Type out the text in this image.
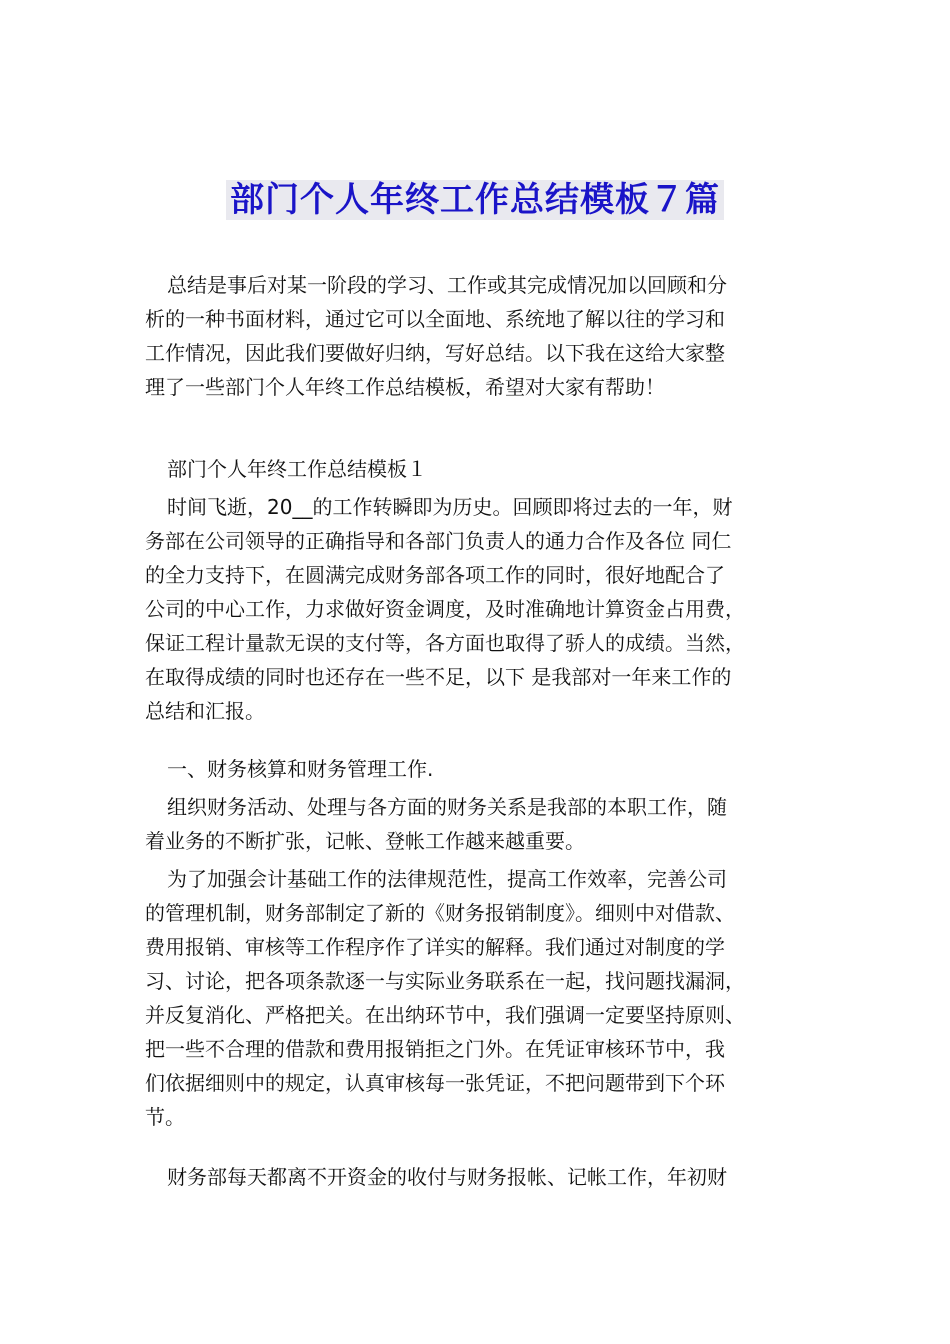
部门个人年终工作总结模板７篇
总结是事后对某一阶段的学习、工作或其完成情况加以回顾和分
析的一种书面材料，通过它可以全面地、系统地了解以往的学习和
工作情况，因此我们要做好归纳，写好总结。以下我在这给大家整
理了一些部门个人年终工作总结模板，希望对大家有帮助！
部门个人年终工作总结模板１
时间飞逝，20__的工作转瞬即为历史。回顾即将过去的一年，财
务部在公司领导的正确指导和各部门负责人的通力合作及各位 同仁
的全力支持下，在圆满完成财务部各项工作的同时，很好地配合了
公司的中心工作，力求做好资金调度，及时准确地计算资金占用费，
保证工程计量款无误的支付等，各方面也取得了骄人的成绩。当然，
在取得成绩的同时也还存在一些不足，以下 是我部对一年来工作的
总结和汇报。
一、财务核算和财务管理工作.
组织财务活动、处理与各方面的财务关系是我部的本职工作，随
着业务的不断扩张，记帐、登帐工作越来越重要。
为了加强会计基础工作的法律规范性，提高工作效率，完善公司
的管理机制，财务部制定了新的《财务报销制度》。细则中对借款、
费用报销、审核等工作程序作了详实的解释。我们通过对制度的学
习、讨论，把各项条款逐一与实际业务联系在一起，找问题找漏洞，
并反复消化、严格把关。在出纳环节中，我们强调一定要坚持原则、
把一些不合理的借款和费用报销拒之门外。在凭证审核环节中，我
们依据细则中的规定，认真审核每一张凭证，不把问题带到下个环
节。
财务部每天都离不开资金的收付与财务报帐、记帐工作，年初财
